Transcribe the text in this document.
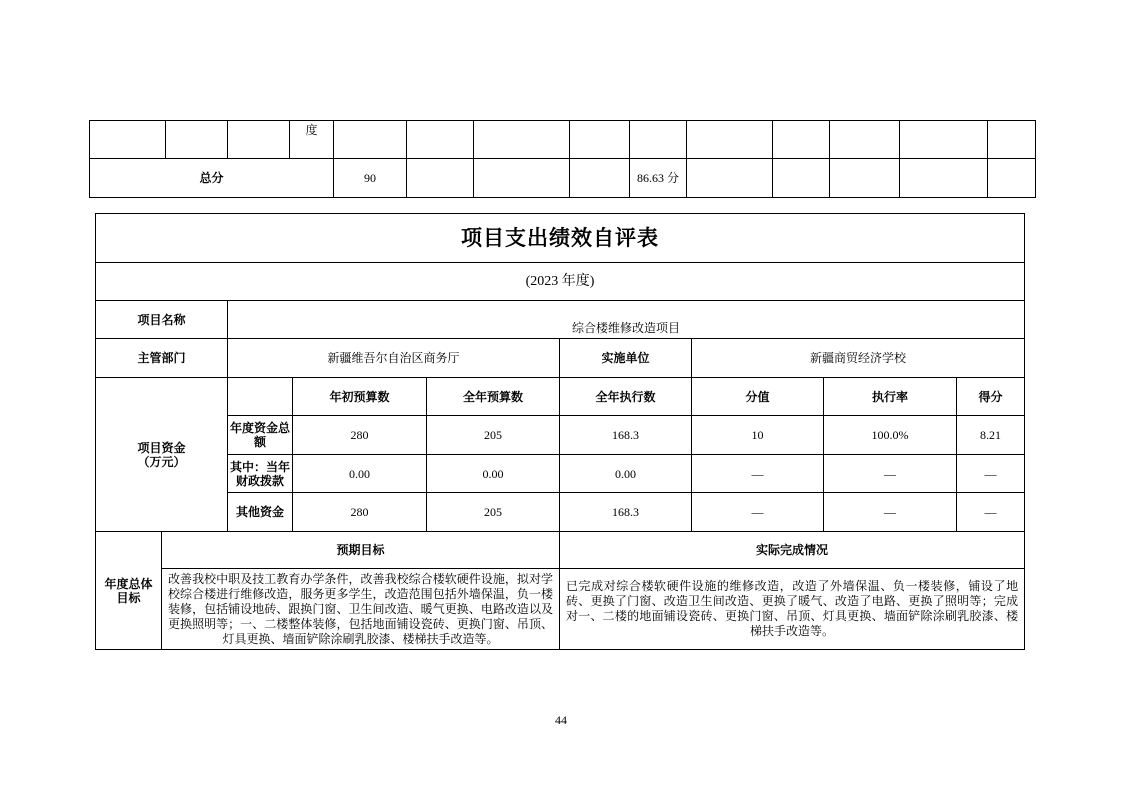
			度										
总分				90				86.63 分					
项目支出绩效自评表								
(2023 年度)								
项目名称		综合楼维修改造项目						
主管部门		新疆维吾尔自治区商务厅			实施单位	新疆商贸经济学校		

项目资金
（万元）			年初预算数	全年预算数	全年执行数	分值	执行率	得分
		年度资金总额	280	205	168.3	10	100.0%	8.21
		其中：当年财政拨款	0.00	0.00	0.00	—	—	—
		其他资金	280	205	168.3	—	—	—

年度总体
目标	预期目标				实际完成情况			
	改善我校中职及技工教育办学条件，改善我校综合楼软硬件设施，拟对学校综合楼进行维修改造，服务更多学生，改造范围包括外墙保温，负一楼装修，包括铺设地砖、跟换门窗、卫生间改造、暖气更换、电路改造以及更换照明等；一、二楼整体装修，包括地面铺设瓷砖、更换门窗、吊顶、灯具更换、墙面铲除涂刷乳胶漆、楼梯扶手改造等。				已完成对综合楼软硬件设施的维修改造，改造了外墙保温、负一楼装修，铺设了地砖、更换了门窗、改造卫生间改造、更换了暖气、改造了电路、更换了照明等；完成对一、二楼的地面铺设瓷砖、更换门窗、吊顶、灯具更换、墙面铲除涂刷乳胶漆、楼梯扶手改造等。			
44
